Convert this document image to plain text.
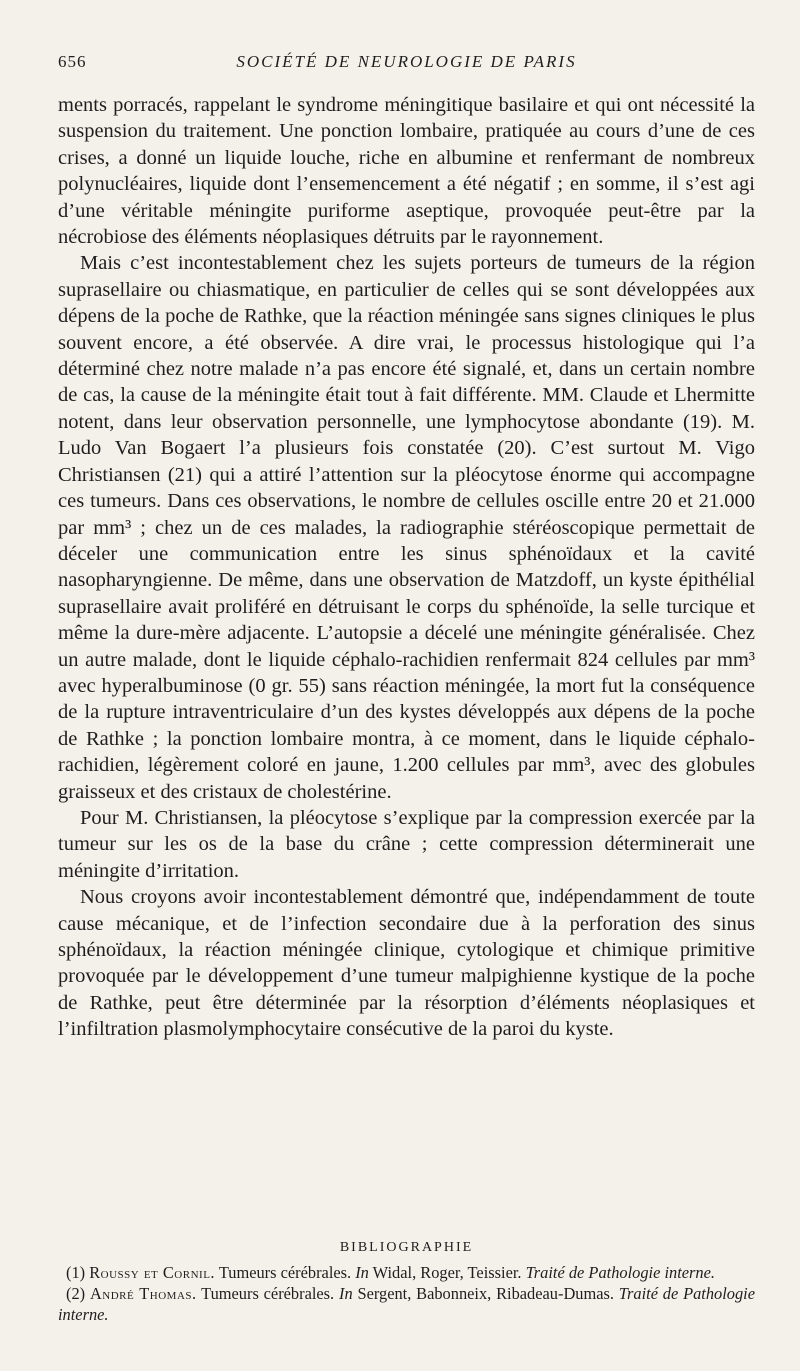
656	SOCIÉTÉ DE NEUROLOGIE DE PARIS

ments porracés, rappelant le syndrome méningitique basilaire et qui ont nécessité la suspension du traitement. Une ponction lombaire, pratiquée au cours d’une de ces crises, a donné un liquide louche, riche en albumine et renfermant de nombreux polynucléaires, liquide dont l’ensemencement a été négatif ; en somme, il s’est agi d’une véritable méningite puriforme aseptique, provoquée peut-être par la nécrobiose des éléments néoplasiques détruits par le rayonnement.

Mais c’est incontestablement chez les sujets porteurs de tumeurs de la région suprasellaire ou chiasmatique, en particulier de celles qui se sont développées aux dépens de la poche de Rathke, que la réaction méningée sans signes cliniques le plus souvent encore, a été observée. A dire vrai, le processus histologique qui l’a déterminé chez notre malade n’a pas encore été signalé, et, dans un certain nombre de cas, la cause de la méningite était tout à fait différente. MM. Claude et Lhermitte notent, dans leur observation personnelle, une lymphocytose abondante (19). M. Ludo Van Bogaert l’a plusieurs fois constatée (20). C’est surtout M. Vigo Christiansen (21) qui a attiré l’attention sur la pléocytose énorme qui accompagne ces tumeurs. Dans ces observations, le nombre de cellules oscille entre 20 et 21.000 par mm³ ; chez un de ces malades, la radiographie stéréoscopique permettait de déceler une communication entre les sinus sphénoïdaux et la cavité nasopharyngienne. De même, dans une observation de Matzdoff, un kyste épithélial suprasellaire avait proliféré en détruisant le corps du sphénoïde, la selle turcique et même la dure-mère adjacente. L’autopsie a décelé une méningite généralisée. Chez un autre malade, dont le liquide céphalo-rachidien renfermait 824 cellules par mm³ avec hyperalbuminose (0 gr. 55) sans réaction méningée, la mort fut la conséquence de la rupture intraventriculaire d’un des kystes développés aux dépens de la poche de Rathke ; la ponction lombaire montra, à ce moment, dans le liquide céphalo-rachidien, légèrement coloré en jaune, 1.200 cellules par mm³, avec des globules graisseux et des cristaux de cholestérine.

Pour M. Christiansen, la pléocytose s’explique par la compression exercée par la tumeur sur les os de la base du crâne ; cette compression déterminerait une méningite d’irritation.

Nous croyons avoir incontestablement démontré que, indépendamment de toute cause mécanique, et de l’infection secondaire due à la perforation des sinus sphénoïdaux, la réaction méningée clinique, cytologique et chimique primitive provoquée par le développement d’une tumeur malpighienne kystique de la poche de Rathke, peut être déterminée par la résorption d’éléments néoplasiques et l’infiltration plasmolymphocytaire consécutive de la paroi du kyste.

BIBLIOGRAPHIE

(1) Roussy et Cornil. Tumeurs cérébrales. In Widal, Roger, Teissier. Traité de Pathologie interne.

(2) André Thomas. Tumeurs cérébrales. In Sergent, Babonneix, Ribadeau-Dumas. Traité de Pathologie interne.
